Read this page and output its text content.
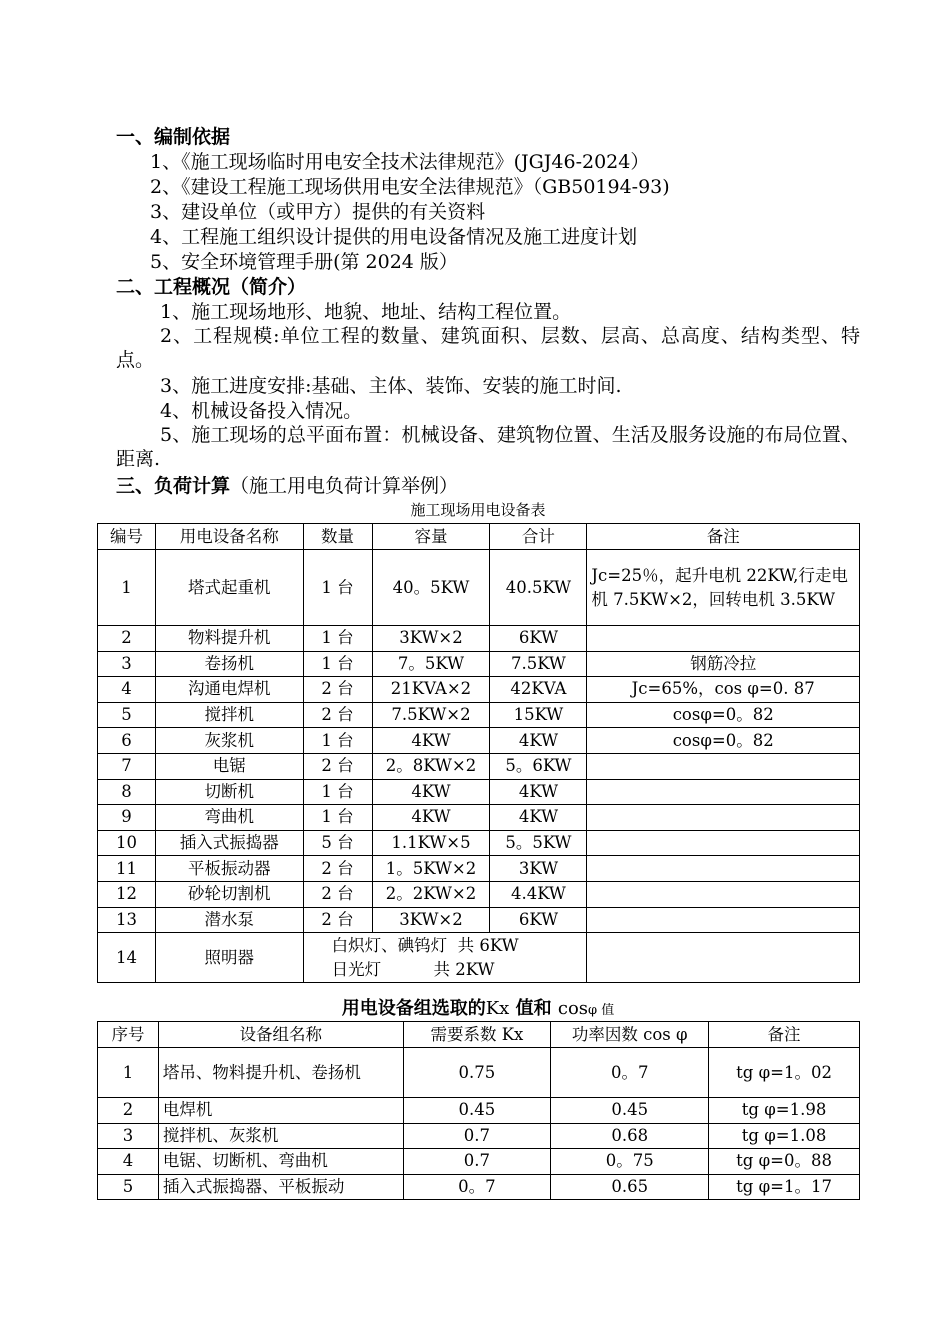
一、编制依据
1、《施工现场临时用电安全技术法律规范》(JGJ46-2024）
2、《建设工程施工现场供用电安全法律规范》（GB50194-93)
3、建设单位（或甲方）提供的有关资料
4、工程施工组织设计提供的用电设备情况及施工进度计划
5、安全环境管理手册(第 2024 版）
二、工程概况（简介）
1、施工现场地形、地貌、地址、结构工程位置。
2、工程规模:单位工程的数量、建筑面积、层数、层高、总高度、结构类型、特点。
3、施工进度安排:基础、主体、装饰、安装的施工时间.
4、机械设备投入情况。
5、施工现场的总平面布置：机械设备、建筑物位置、生活及服务设施的布局位置、距离.
三、负荷计算（施工用电负荷计算举例）
施工现场用电设备表
编号	用电设备名称	数量	容量	合计	备注
1	塔式起重机	1 台	40。5KW	40.5KW	Jc=25％，起升电机 22KW,行走电机 7.5KW×2，回转电机 3.5KW
2	物料提升机	1 台	3KW×2	6KW	
3	卷扬机	1 台	7。5KW	7.5KW	钢筋冷拉
4	沟通电焊机	2 台	21KVA×2	42KVA	Jc=65%，cos φ=0. 87
5	搅拌机	2 台	7.5KW×2	15KW	cosφ=0。82
6	灰浆机	1 台	4KW	4KW	cosφ=0。82
7	电锯	2 台	2。8KW×2	5。6KW	
8	切断机	1 台	4KW	4KW	
9	弯曲机	1 台	4KW	4KW	
10	插入式振捣器	5 台	1.1KW×5	5。5KW	
11	平板振动器	2 台	1。5KW×2	3KW	
12	砂轮切割机	2 台	2。2KW×2	4.4KW	
13	潜水泵	2 台	3KW×2	6KW	
14	照明器	白炽灯、碘钨灯  共 6KW
日光灯          共 2KW			

用电设备组选取的Kx 值和 cosφ 值
序号	设备组名称	需要系数 Kx	功率因数 cos φ	备注
1	塔吊、物料提升机、卷扬机	0.75	0。7	tg φ=1。02
2	电焊机	0.45	0.45	tg φ=1.98
3	搅拌机、灰浆机	0.7	0.68	tg φ=1.08
4	电锯、切断机、弯曲机	0.7	0。75	tg φ=0。88
5	插入式振捣器、平板振动	0。7	0.65	tg φ=1。17
